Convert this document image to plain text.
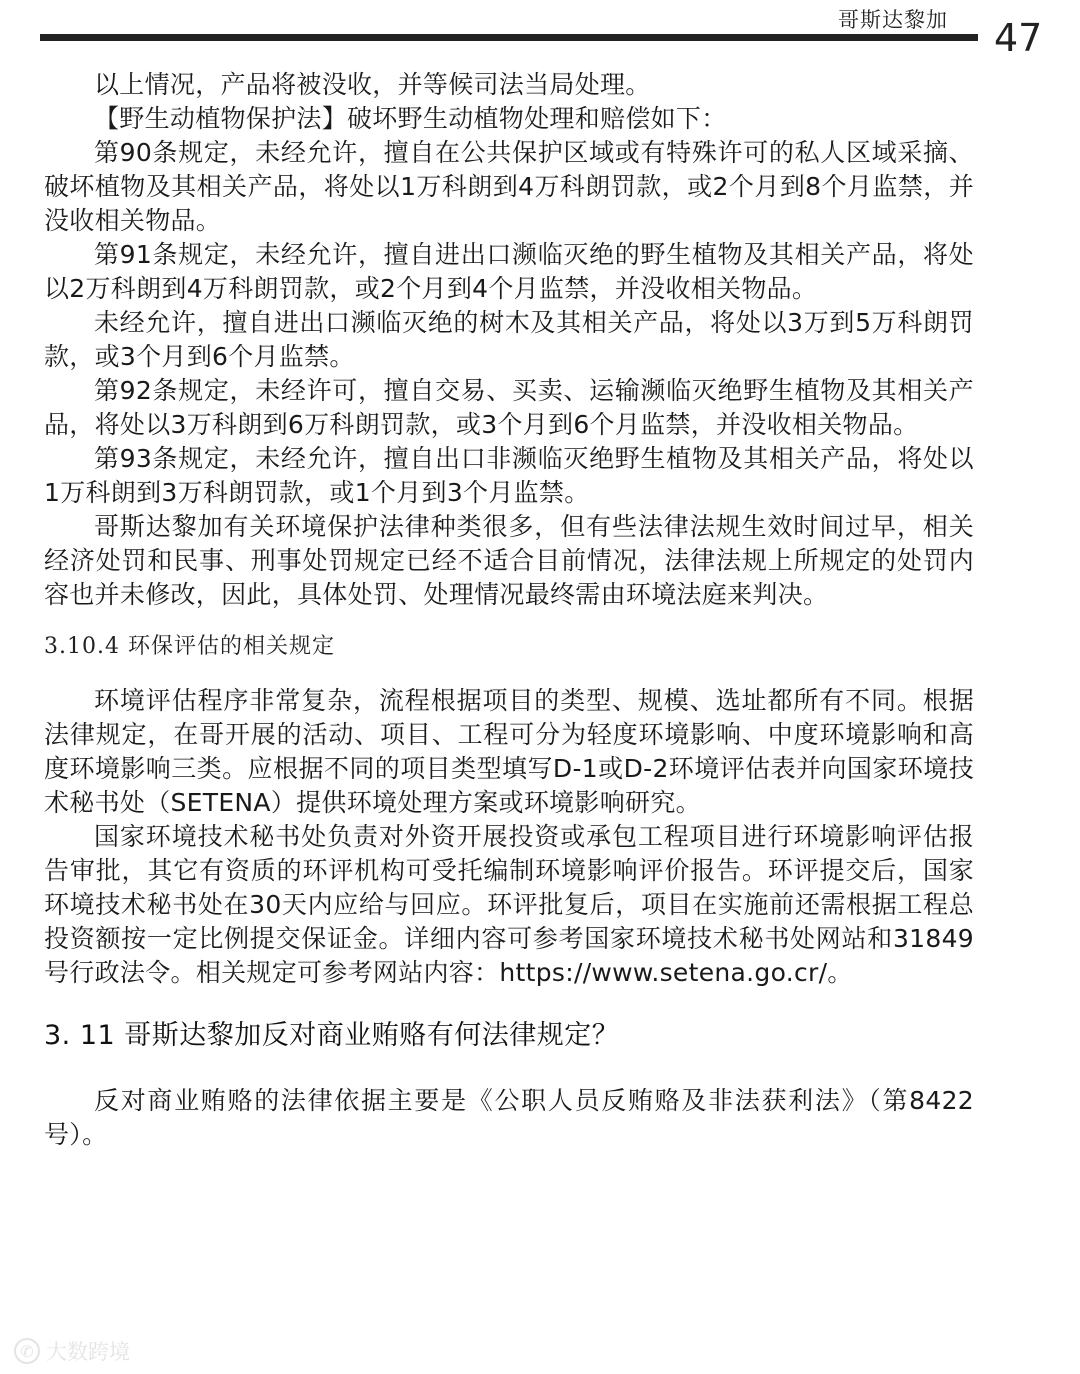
哥斯达黎加 47

以上情况，产品将被没收，并等候司法当局处理。

【野生动植物保护法】破坏野生动植物处理和赔偿如下：

第90条规定，未经允许，擅自在公共保护区域或有特殊许可的私人区域采摘、破坏植物及其相关产品，将处以1万科朗到4万科朗罚款，或2个月到8个月监禁，并没收相关物品。

第91条规定，未经允许，擅自进出口濒临灭绝的野生植物及其相关产品，将处以2万科朗到4万科朗罚款，或2个月到4个月监禁，并没收相关物品。

未经允许，擅自进出口濒临灭绝的树木及其相关产品，将处以3万到5万科朗罚款，或3个月到6个月监禁。

第92条规定，未经许可，擅自交易、买卖、运输濒临灭绝野生植物及其相关产品，将处以3万科朗到6万科朗罚款，或3个月到6个月监禁，并没收相关物品。

第93条规定，未经允许，擅自出口非濒临灭绝野生植物及其相关产品，将处以1万科朗到3万科朗罚款，或1个月到3个月监禁。

哥斯达黎加有关环境保护法律种类很多，但有些法律法规生效时间过早，相关经济处罚和民事、刑事处罚规定已经不适合目前情况，法律法规上所规定的处罚内容也并未修改，因此，具体处罚、处理情况最终需由环境法庭来判决。

3.10.4 环保评估的相关规定

环境评估程序非常复杂，流程根据项目的类型、规模、选址都所有不同。根据法律规定，在哥开展的活动、项目、工程可分为轻度环境影响、中度环境影响和高度环境影响三类。应根据不同的项目类型填写D-1或D-2环境评估表并向国家环境技术秘书处（SETENA）提供环境处理方案或环境影响研究。

国家环境技术秘书处负责对外资开展投资或承包工程项目进行环境影响评估报告审批，其它有资质的环评机构可受托编制环境影响评价报告。环评提交后，国家环境技术秘书处在30天内应给与回应。环评批复后，项目在实施前还需根据工程总投资额按一定比例提交保证金。详细内容可参考国家环境技术秘书处网站和31849号行政法令。相关规定可参考网站内容：https://www.setena.go.cr/。

3. 11 哥斯达黎加反对商业贿赂有何法律规定？

反对商业贿赂的法律依据主要是《公职人员反贿赂及非法获利法》（第8422号）。

✆ 大数跨境
